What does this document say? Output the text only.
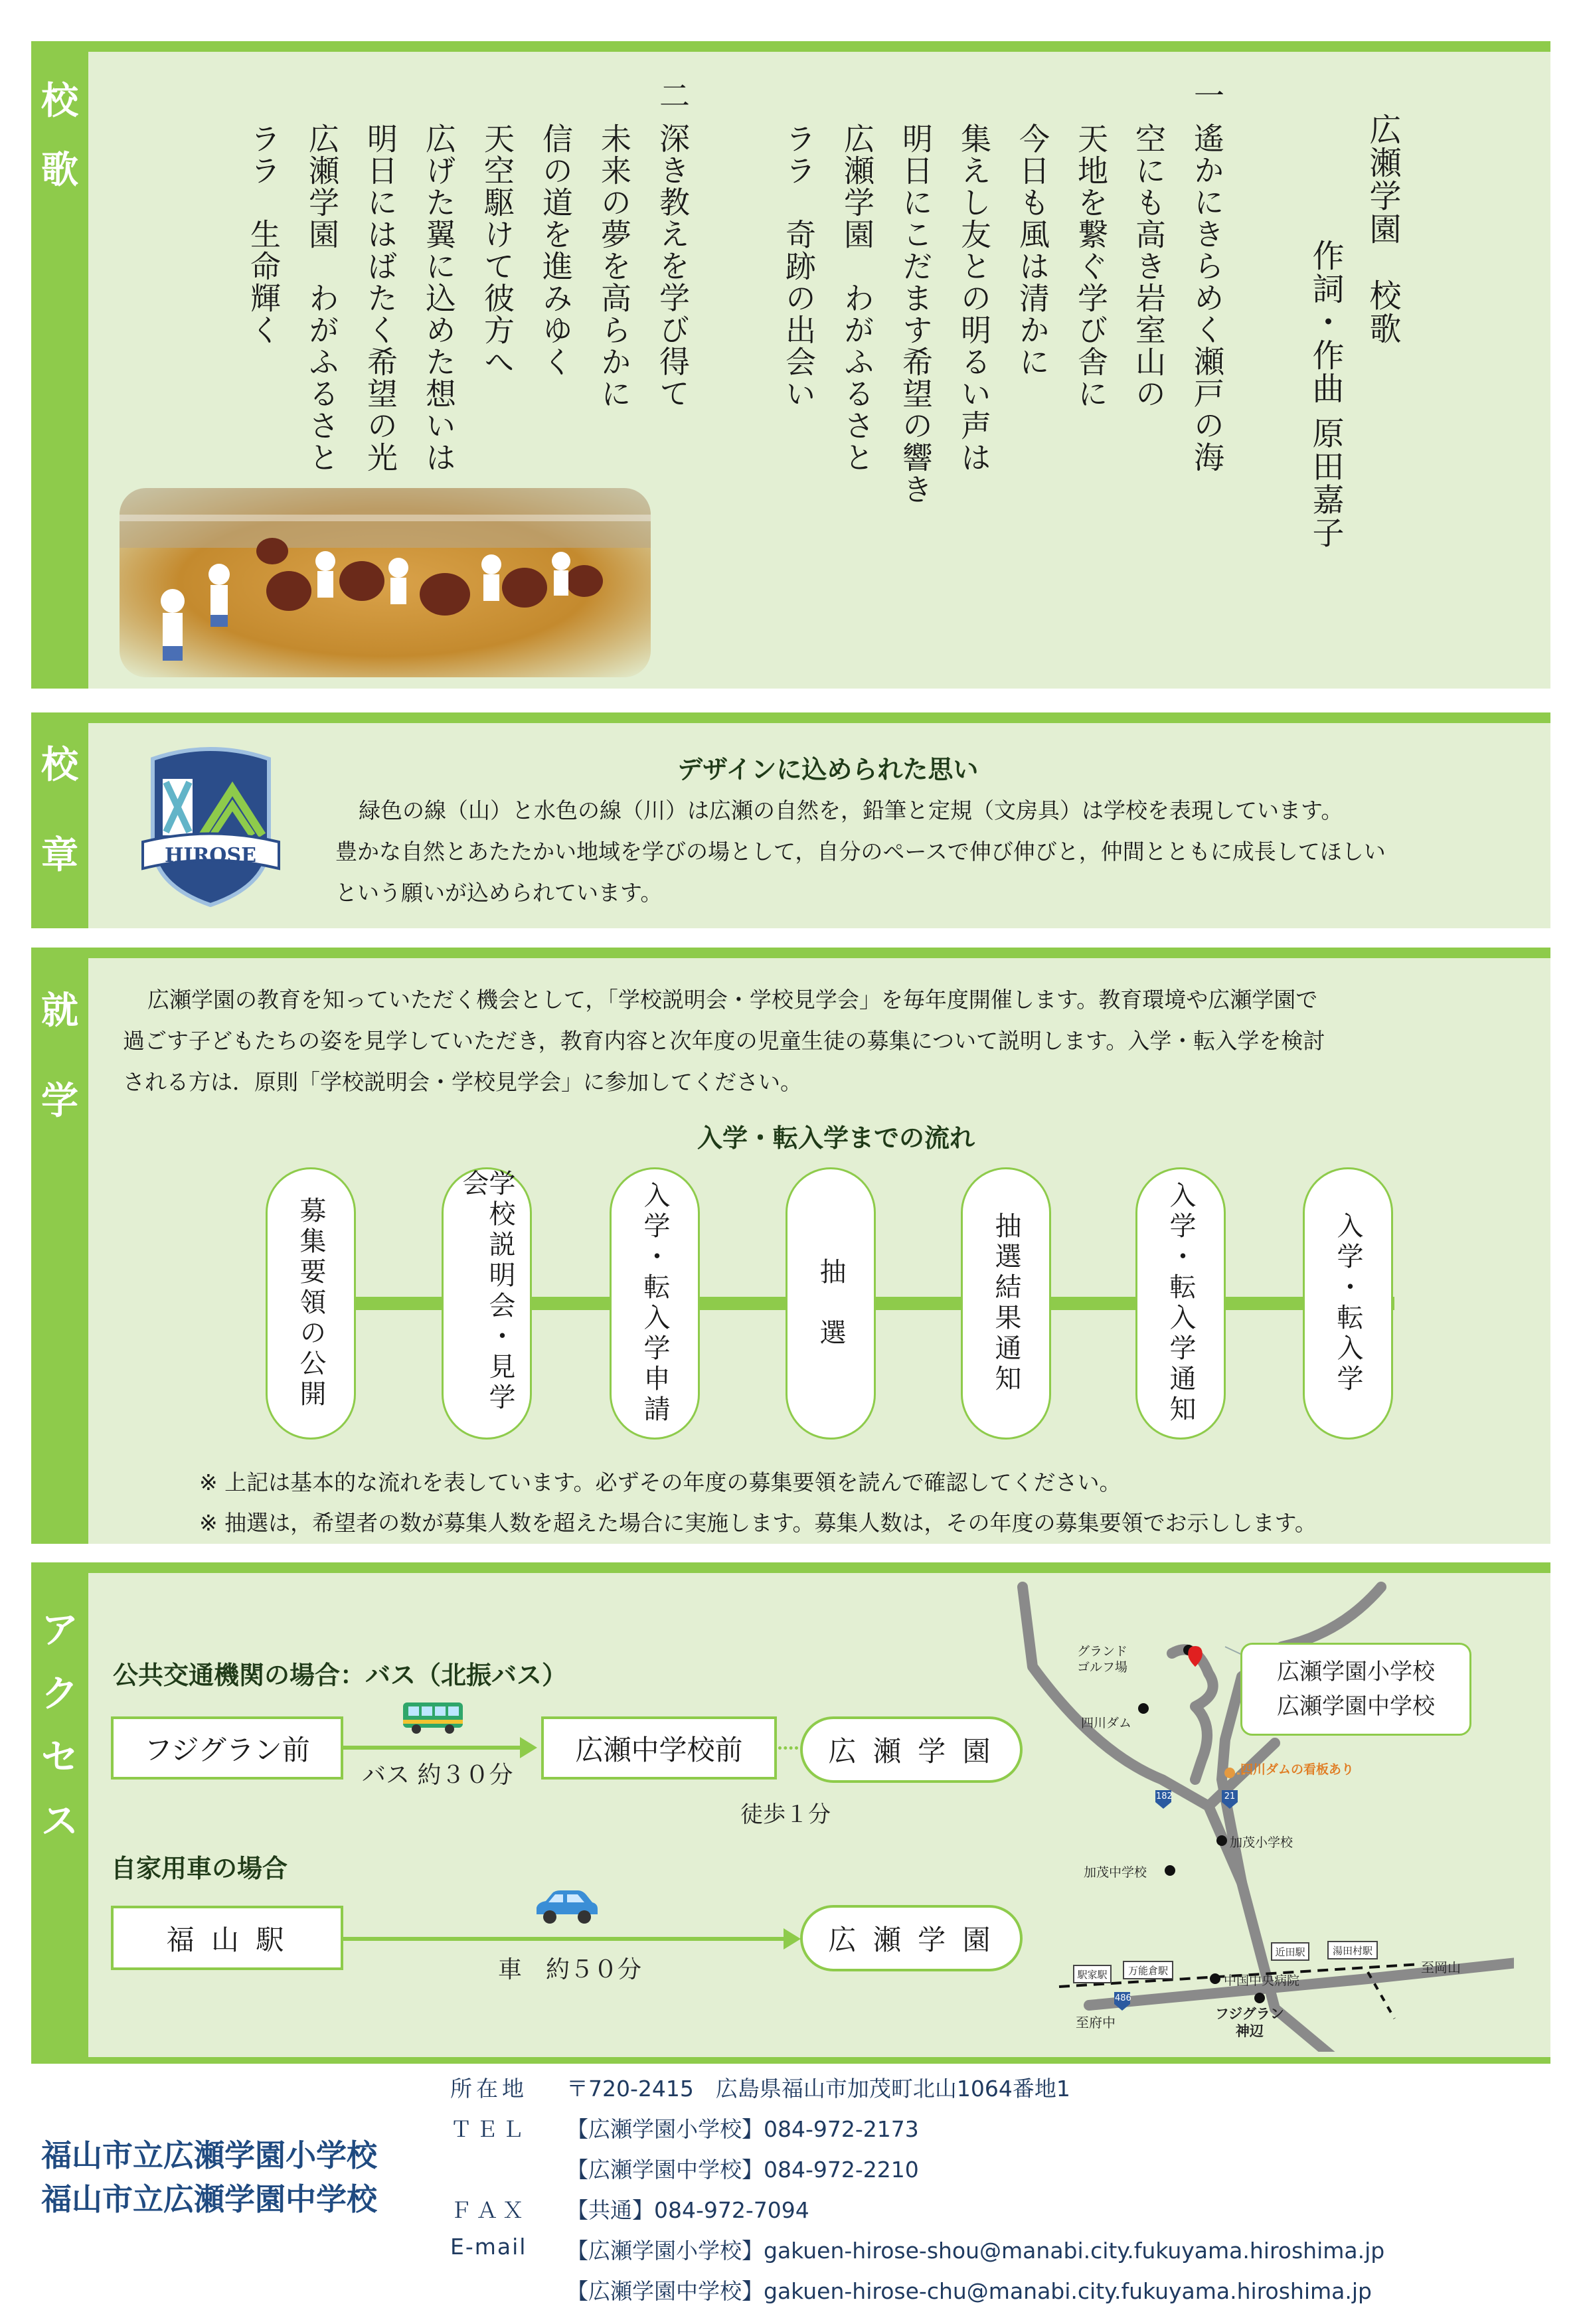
校
歌	広瀬学園　校歌
作詞・作曲 原田嘉子
一 遙かにきらめく瀬戸の海
空にも高き岩室山の
天地を繋ぐ学び舎に
今日も風は清かに
集えし友との明るい声は
明日にこだます希望の響き
広瀬学園　わがふるさと
ララ　奇跡の出会い
二 深き教えを学び得て
未来の夢を高らかに
信の道を進みゆく
天空駆けて彼方へ
広げた翼に込めた想いは
明日にはばたく希望の光
広瀬学園　わがふるさと
ララ　生命輝く
校
章	HIROSE
デザインに込められた思い
緑色の線（山）と水色の線（川）は広瀬の自然を，鉛筆と定規（文房具）は学校を表現しています。
豊かな自然とあたたかい地域を学びの場として，自分のペースで伸び伸びと，仲間とともに成長してほしい
という願いが込められています。
就
学
広瀬学園の教育を知っていただく機会として，「学校説明会・学校見学会」を毎年度開催します。教育環境や広瀬学園で
過ごす子どもたちの姿を見学していただき，教育内容と次年度の児童生徒の募集について説明します。入学・転入学を検討
される方は．原則「学校説明会・学校見学会」に参加してください。
入学・転入学までの流れ
募集要領の公開	学校説明会・見学会	入学・転入学申請	抽　選	抽選結果通知	入学・転入学通知	入学・転入学
※ 上記は基本的な流れを表しています。必ずその年度の募集要領を読んで確認してください。
※ 抽選は，希望者の数が募集人数を超えた場合に実施します。募集人数は，その年度の募集要領でお示しします。
ア
ク
セ
ス
公共交通機関の場合：バス（北振バス）
フジグラン前
バス 約３０分
広瀬中学校前	広 瀬 学 園
徒歩１分
自家用車の場合
福 山 駅
車　約５０分
広 瀬 学 園
グランド
ゴルフ場
四川ダム
四川ダムの看板あり
182	21
486
加茂小学校
加茂中学校
駅家駅 万能倉駅
近田駅	湯田村駅
中国中央病院
フジグラン
神辺
至岡山
至府中
広瀬学園小学校
広瀬学園中学校
福山市立広瀬学園小学校
福山市立広瀬学園中学校
所在地 〒720-2415　広島県福山市加茂町北山1064番地1
ＴＥＬ 【広瀬学園小学校】084-972-2173
【広瀬学園中学校】084-972-2210
ＦＡＸ 【共通】084-972-7094
E-mail 【広瀬学園小学校】gakuen-hirose-shou@manabi.city.fukuyama.hiroshima.jp
【広瀬学園中学校】gakuen-hirose-chu@manabi.city.fukuyama.hiroshima.jp
